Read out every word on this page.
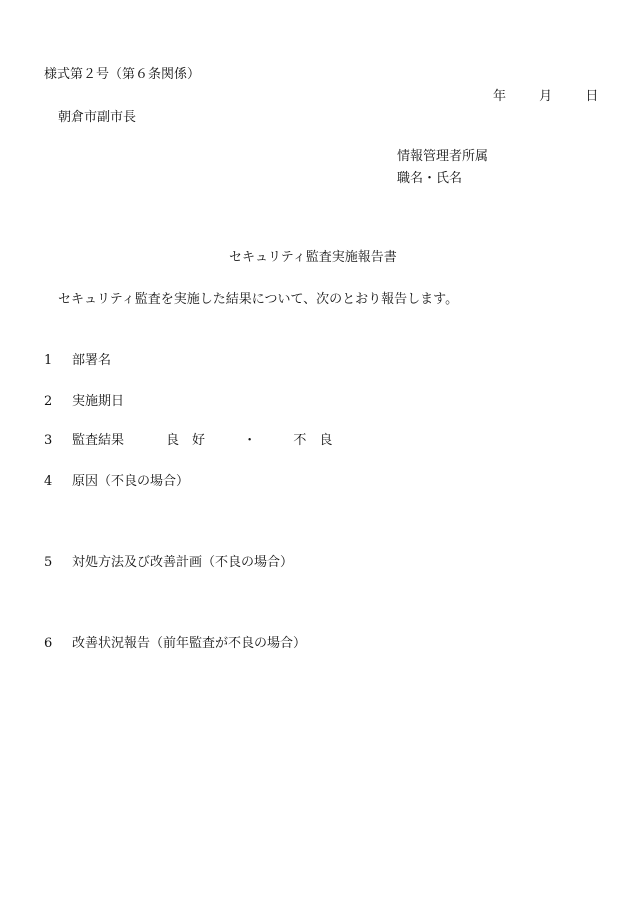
様式第２号（第６条関係）
年	月	日
朝倉市副市長
情報管理者所属
職名・氏名
セキュリティ監査実施報告書
セキュリティ監査を実施した結果について、次のとおり報告します。
1 部署名
2 実施期日
3 監査結果
4 原因（不良の場合）
5 対処方法及び改善計画（不良の場合）
6 改善状況報告（前年監査が不良の場合）
良　好	・	不　良
